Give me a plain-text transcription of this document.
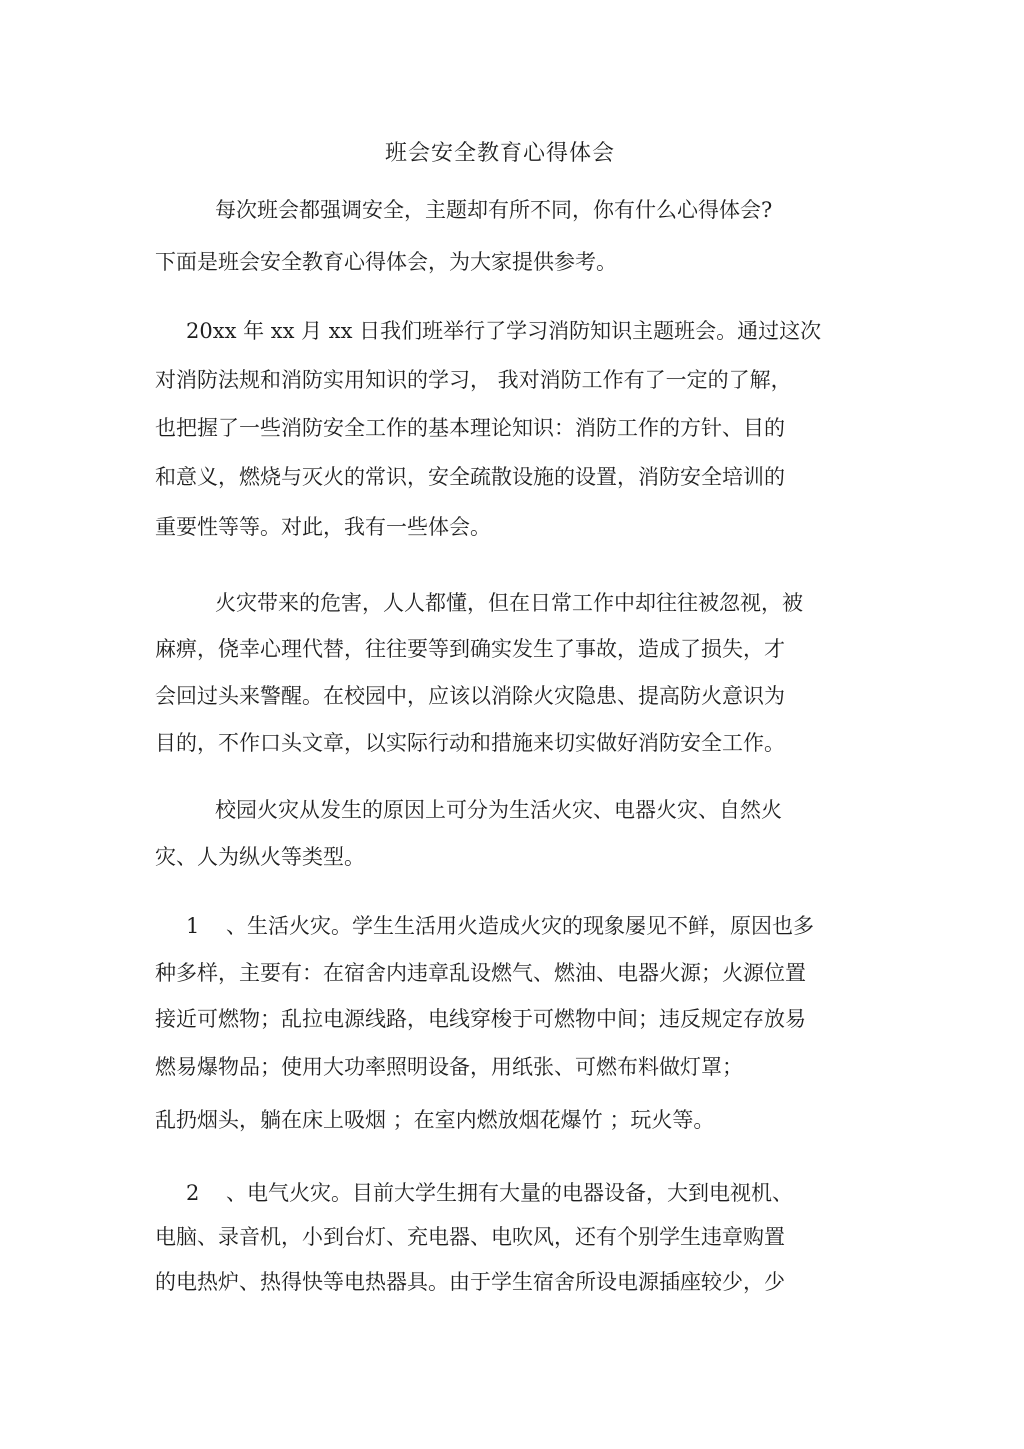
班会安全教育心得体会

每次班会都强调安全，主题却有所不同，你有什么心得体会?

下面是班会安全教育心得体会，为大家提供参考。

20xx 年 xx 月 xx 日我们班举行了学习消防知识主题班会。通过这次

对消防法规和消防实用知识的学习， 我对消防工作有了一定的了解，

也把握了一些消防安全工作的基本理论知识：消防工作的方针、目的

和意义，燃烧与灭火的常识，安全疏散设施的设置，消防安全培训的

重要性等等。对此，我有一些体会。

火灾带来的危害，人人都懂，但在日常工作中却往往被忽视，被

麻痹，侥幸心理代替，往往要等到确实发生了事故，造成了损失，才

会回过头来警醒。在校园中，应该以消除火灾隐患、提高防火意识为

目的，不作口头文章，以实际行动和措施来切实做好消防安全工作。

校园火灾从发生的原因上可分为生活火灾、电器火灾、自然火

灾、人为纵火等类型。

1 、生活火灾。学生生活用火造成火灾的现象屡见不鲜，原因也多

种多样，主要有：在宿舍内违章乱设燃气、燃油、电器火源；火源位置

接近可燃物；乱拉电源线路，电线穿梭于可燃物中间；违反规定存放易

燃易爆物品；使用大功率照明设备，用纸张、可燃布料做灯罩；

乱扔烟头，躺在床上吸烟 ；在室内燃放烟花爆竹 ；玩火等。

2 、电气火灾。目前大学生拥有大量的电器设备，大到电视机、

电脑、录音机，小到台灯、充电器、电吹风，还有个别学生违章购置

的电热炉、热得快等电热器具。由于学生宿舍所设电源插座较少，少
